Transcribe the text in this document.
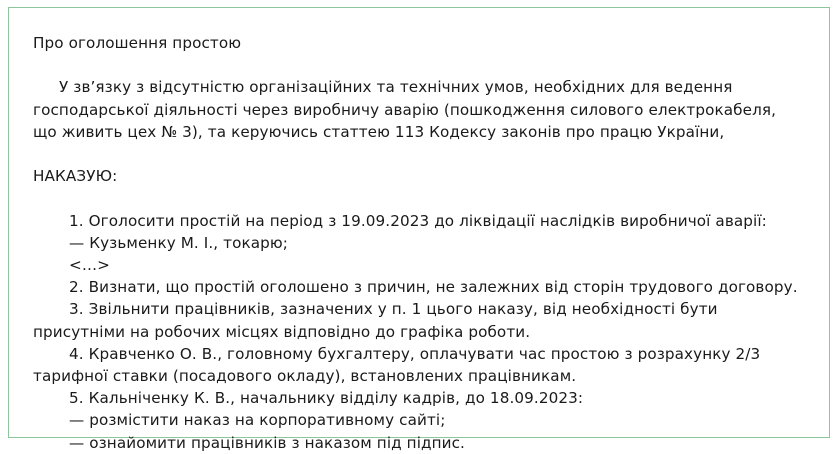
Про оголошення простою
У зв’язку з відсутністю організаційних та технічних умов, необхідних для ведення
господарської діяльності через виробничу аварію (пошкодження силового електрокабеля,
що живить цех № 3), та керуючись статтею 113 Кодексу законів про працю України,
НАКАЗУЮ:
1. Оголосити простій на період з 19.09.2023 до ліквідації наслідків виробничої аварії:
— Кузьменку М. І., токарю;
<…>
2. Визнати, що простій оголошено з причин, не залежних від сторін трудового договору.
3. Звільнити працівників, зазначених у п. 1 цього наказу, від необхідності бути
присутніми на робочих місцях відповідно до графіка роботи.
4. Кравченко О. В., головному бухгалтеру, оплачувати час простою з розрахунку 2/3
тарифної ставки (посадового окладу), встановлених працівникам.
5. Кальніченку К. В., начальнику відділу кадрів, до 18.09.2023:
— розмістити наказ на корпоративному сайті;
— ознайомити працівників з наказом під підпис.
